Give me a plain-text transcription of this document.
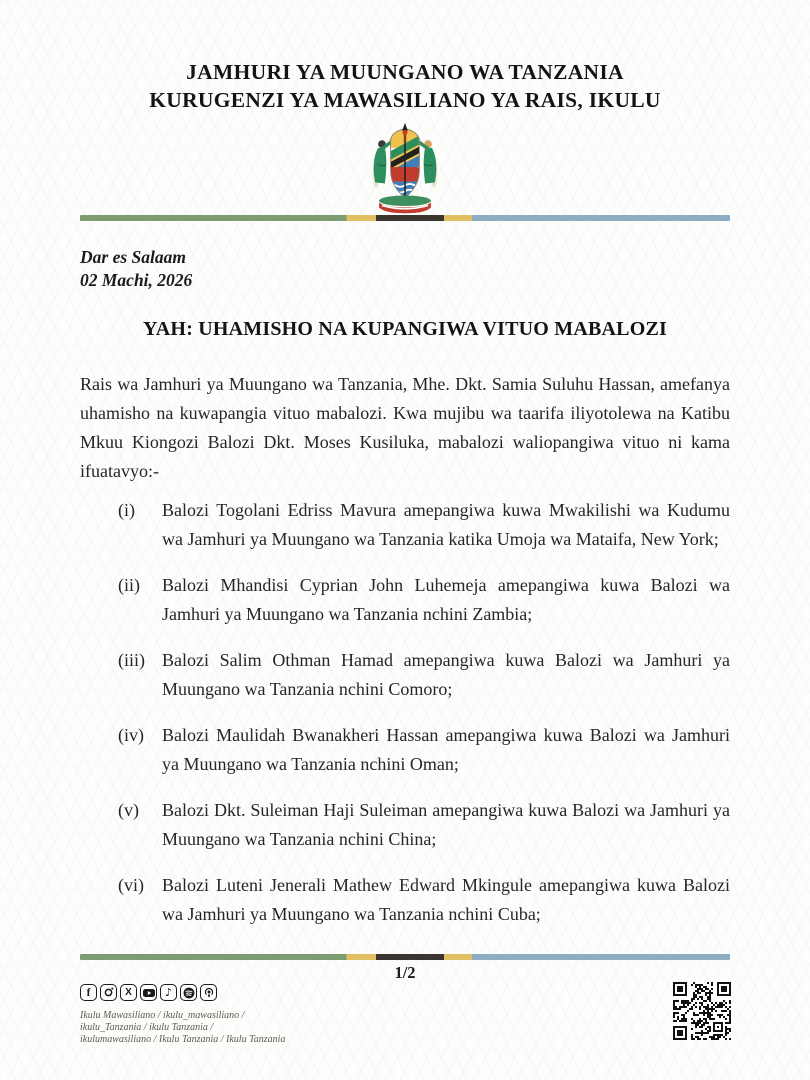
JAMHURI YA MUUNGANO WA TANZANIA
KURUGENZI YA MAWASILIANO YA RAIS, IKULU
Dar es Salaam
02 Machi, 2026
YAH: UHAMISHO NA KUPANGIWA VITUO MABALOZI
Rais wa Jamhuri ya Muungano wa Tanzania, Mhe. Dkt. Samia Suluhu Hassan, amefanya uhamisho na kuwapangia vituo mabalozi. Kwa mujibu wa taarifa iliyotolewa na Katibu Mkuu Kiongozi Balozi Dkt. Moses Kusiluka, mabalozi waliopangiwa vituo ni kama ifuatavyo:-
(i)	Balozi Togolani Edriss Mavura amepangiwa kuwa Mwakilishi wa Kudumu wa Jamhuri ya Muungano wa Tanzania katika Umoja wa Mataifa, New York;
(ii)	Balozi Mhandisi Cyprian John Luhemeja amepangiwa kuwa Balozi wa Jamhuri ya Muungano wa Tanzania nchini Zambia;
(iii) Balozi Salim Othman Hamad amepangiwa kuwa Balozi wa Jamhuri ya Muungano wa Tanzania nchini Comoro;
(iv)	Balozi Maulidah Bwanakheri Hassan amepangiwa kuwa Balozi wa Jamhuri ya Muungano wa Tanzania nchini Oman;
(v)	Balozi Dkt. Suleiman Haji Suleiman amepangiwa kuwa Balozi wa Jamhuri ya Muungano wa Tanzania nchini China;
(vi)	Balozi Luteni Jenerali Mathew Edward Mkingule amepangiwa kuwa Balozi wa Jamhuri ya Muungano wa Tanzania nchini Cuba;
1/2
f	X	♪
Ikulu Mawasiliano / ikulu_mawasiliano /
ikulu_Tanzania / ikulu Tanzania /
ikulumawasiliano / Ikulu Tanzania / Ikulu Tanzania
